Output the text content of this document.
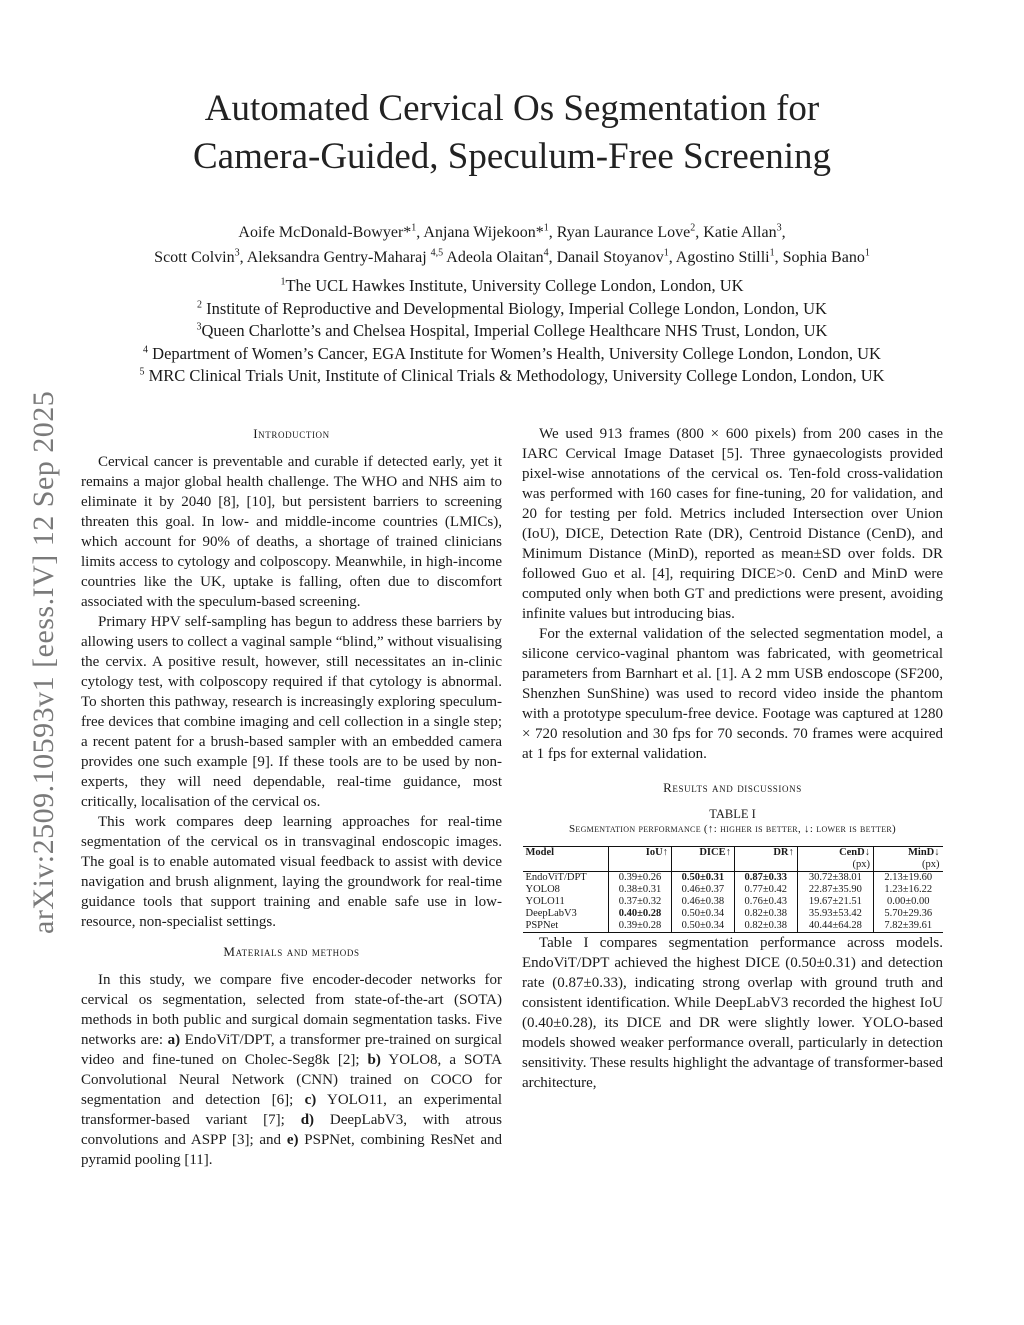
arXiv:2509.10593v1 [eess.IV] 12 Sep 2025
Automated Cervical Os Segmentation for
Camera-Guided, Speculum-Free Screening
Aoife McDonald-Bowyer*$^1$, Anjana Wijekoon*$^1$, Ryan Laurance Love$^2$, Katie Allan$^3$,
Scott Colvin$^3$, Aleksandra Gentry-Maharaj $^{4,5}$ Adeola Olaitan$^4$, Danail Stoyanov$^1$, Agostino Stilli$^1$, Sophia Bano$^1$
$^1$The UCL Hawkes Institute, University College London, London, UK
$^2$ Institute of Reproductive and Developmental Biology, Imperial College London, London, UK
$^3$Queen Charlotte’s and Chelsea Hospital, Imperial College Healthcare NHS Trust, London, UK
$^4$ Department of Women’s Cancer, EGA Institute for Women’s Health, University College London, London, UK
$^5$ MRC Clinical Trials Unit, Institute of Clinical Trials & Methodology, University College London, London, UK
Introduction

Cervical cancer is preventable and curable if detected early, yet it remains a major global health challenge. The WHO and NHS aim to eliminate it by 2040 [8], [10], but persistent barriers to screening threaten this goal. In low- and middle-income countries (LMICs), which account for 90% of deaths, a shortage of trained clinicians limits access to cytology and colposcopy. Meanwhile, in high-income countries like the UK, uptake is falling, often due to discomfort associated with the speculum-based screening.

Primary HPV self-sampling has begun to address these barriers by allowing users to collect a vaginal sample “blind,” without visualising the cervix. A positive result, however, still necessitates an in-clinic cytology test, with colposcopy required if that cytology is abnormal. To shorten this pathway, research is increasingly exploring speculum-free devices that combine imaging and cell collection in a single step; a recent patent for a brush-based sampler with an embedded camera provides one such example [9]. If these tools are to be used by non-experts, they will need dependable, real-time guidance, most critically, localisation of the cervical os.

This work compares deep learning approaches for real-time segmentation of the cervical os in transvaginal endoscopic images. The goal is to enable automated visual feedback to assist with device navigation and brush alignment, laying the groundwork for real-time guidance tools that support training and enable safe use in low-resource, non-specialist settings.

Materials and methods

In this study, we compare five encoder-decoder networks for cervical os segmentation, selected from state-of-the-art (SOTA) methods in both public and surgical domain segmentation tasks. Five networks are: a) EndoViT/DPT, a transformer pre-trained on surgical video and fine-tuned on Cholec-Seg8k [2]; b) YOLO8, a SOTA Convolutional Neural Network (CNN) trained on COCO for segmentation and detection [6]; c) YOLO11, an experimental transformer-based variant [7]; d) DeepLabV3, with atrous convolutions and ASPP [3]; and e) PSPNet, combining ResNet and pyramid pooling [11].

We used 913 frames (800 × 600 pixels) from 200 cases in the IARC Cervical Image Dataset [5]. Three gynaecologists provided pixel-wise annotations of the cervical os. Ten-fold cross-validation was performed with 160 cases for fine-tuning, 20 for validation, and 20 for testing per fold. Metrics included Intersection over Union (IoU), DICE, Detection Rate (DR), Centroid Distance (CenD), and Minimum Distance (MinD), reported as mean±SD over folds. DR followed Guo et al. [4], requiring DICE>0. CenD and MinD were computed only when both GT and predictions were present, avoiding infinite values but introducing bias.

For the external validation of the selected segmentation model, a silicone cervico-vaginal phantom was fabricated, with geometrical parameters from Barnhart et al. [1]. A 2 mm USB endoscope (SF200, Shenzhen SunShine) was used to record video inside the phantom with a prototype speculum-free device. Footage was captured at 1280 × 720 resolution and 30 fps for 70 seconds. 70 frames were acquired at 1 fps for external validation.

Results and discussions
TABLE I
Segmentation performance (↑: higher is better, ↓: lower is better)
Model	IoU↑	DICE↑	DR↑	CenD↓	MinD↓
				(px)	(px)
EndoViT/DPT	0.39±0.26	0.50±0.31	0.87±0.33	30.72±38.01	2.13±19.60
YOLO8	0.38±0.31	0.46±0.37	0.77±0.42	22.87±35.90	1.23±16.22
YOLO11	0.37±0.32	0.46±0.38	0.76±0.43	19.67±21.51	0.00±0.00
DeepLabV3	0.40±0.28	0.50±0.34	0.82±0.38	35.93±53.42	5.70±29.36
PSPNet	0.39±0.28	0.50±0.34	0.82±0.38	40.44±64.28	7.82±39.61

Table I compares segmentation performance across models. EndoViT/DPT achieved the highest DICE (0.50±0.31) and detection rate (0.87±0.33), indicating strong overlap with ground truth and consistent identification. While DeepLabV3 recorded the highest IoU (0.40±0.28), its DICE and DR were slightly lower. YOLO-based models showed weaker performance overall, particularly in detection sensitivity. These results highlight the advantage of transformer-based architecture,
